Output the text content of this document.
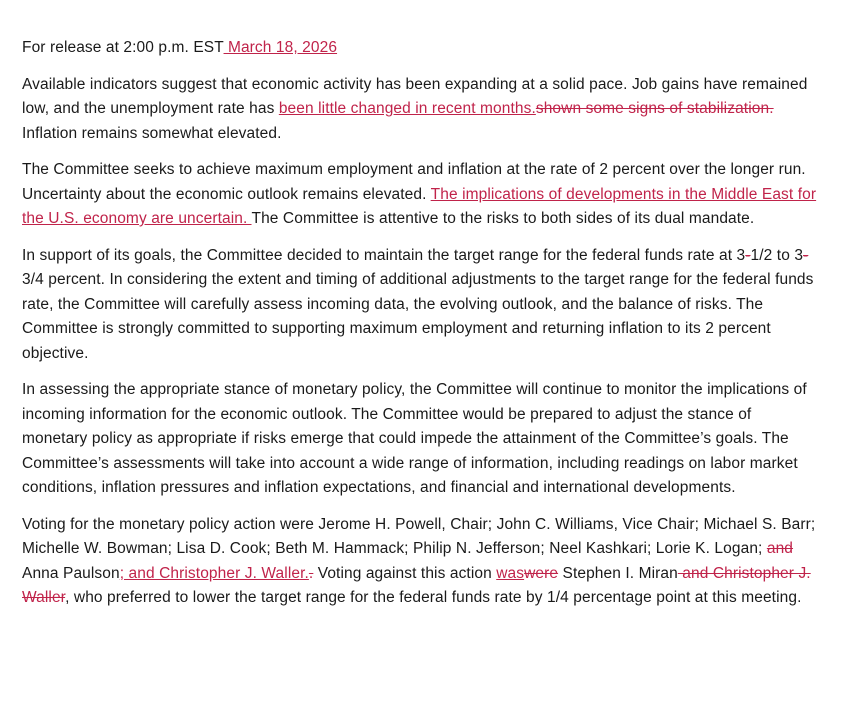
For release at 2:00 p.m. EST March 18, 2026

Available indicators suggest that economic activity has been expanding at a solid pace. Job gains have remained low, and the unemployment rate has been little changed in recent months.shown some signs of stabilization. Inflation remains somewhat elevated.

The Committee seeks to achieve maximum employment and inflation at the rate of 2 percent over the longer run. Uncertainty about the economic outlook remains elevated. The implications of developments in the Middle East for the U.S. economy are uncertain. The Committee is attentive to the risks to both sides of its dual mandate.

In support of its goals, the Committee decided to maintain the target range for the federal funds rate at 3-1/2 to 3-3/4 percent. In considering the extent and timing of additional adjustments to the target range for the federal funds rate, the Committee will carefully assess incoming data, the evolving outlook, and the balance of risks. The Committee is strongly committed to supporting maximum employment and returning inflation to its 2 percent objective.

In assessing the appropriate stance of monetary policy, the Committee will continue to monitor the implications of incoming information for the economic outlook. The Committee would be prepared to adjust the stance of monetary policy as appropriate if risks emerge that could impede the attainment of the Committee’s goals. The Committee’s assessments will take into account a wide range of information, including readings on labor market conditions, inflation pressures and inflation expectations, and financial and international developments.

Voting for the monetary policy action were Jerome H. Powell, Chair; John C. Williams, Vice Chair; Michael S. Barr; Michelle W. Bowman; Lisa D. Cook; Beth M. Hammack; Philip N. Jefferson; Neel Kashkari; Lorie K. Logan; and Anna Paulson; and Christopher J. Waller.. Voting against this action waswere Stephen I. Miran and Christopher J. Waller, who preferred to lower the target range for the federal funds rate by 1/4 percentage point at this meeting.
